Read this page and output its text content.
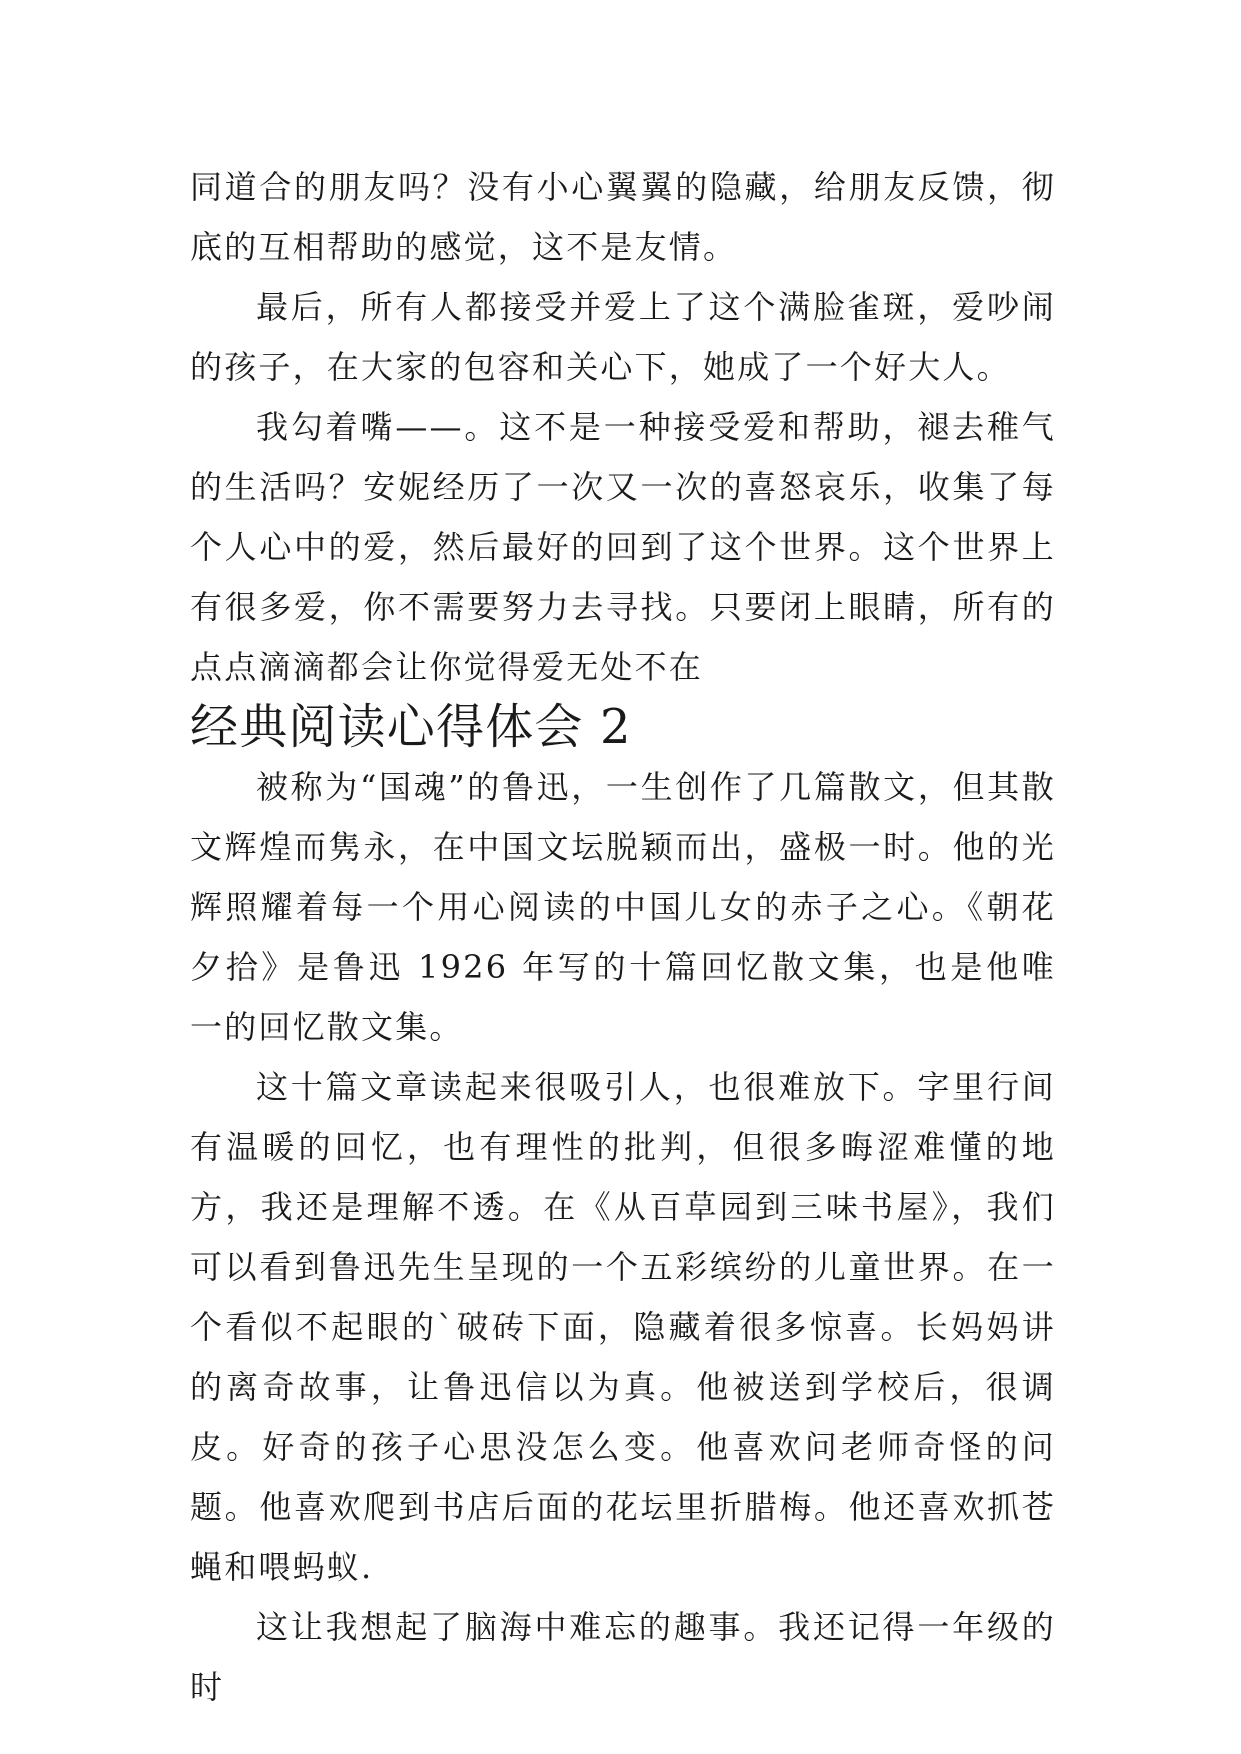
同道合的朋友吗？没有小心翼翼的隐藏，给朋友反馈，彻底的互相帮助的感觉，这不是友情。

最后，所有人都接受并爱上了这个满脸雀斑，爱吵闹的孩子，在大家的包容和关心下，她成了一个好大人。

我勾着嘴——。这不是一种接受爱和帮助，褪去稚气的生活吗？安妮经历了一次又一次的喜怒哀乐，收集了每个人心中的爱，然后最好的回到了这个世界。这个世界上有很多爱，你不需要努力去寻找。只要闭上眼睛，所有的点点滴滴都会让你觉得爱无处不在

经典阅读心得体会 2

被称为“国魂”的鲁迅，一生创作了几篇散文，但其散文辉煌而隽永，在中国文坛脱颖而出，盛极一时。他的光辉照耀着每一个用心阅读的中国儿女的赤子之心。《朝花夕拾》是鲁迅 1926 年写的十篇回忆散文集，也是他唯一的回忆散文集。

这十篇文章读起来很吸引人，也很难放下。字里行间有温暖的回忆，也有理性的批判，但很多晦涩难懂的地方，我还是理解不透。在《从百草园到三味书屋》，我们可以看到鲁迅先生呈现的一个五彩缤纷的儿童世界。在一个看似不起眼的`破砖下面，隐藏着很多惊喜。长妈妈讲的离奇故事，让鲁迅信以为真。他被送到学校后，很调皮。好奇的孩子心思没怎么变。他喜欢问老师奇怪的问题。他喜欢爬到书店后面的花坛里折腊梅。他还喜欢抓苍蝇和喂蚂蚁.

这让我想起了脑海中难忘的趣事。我还记得一年级的时
